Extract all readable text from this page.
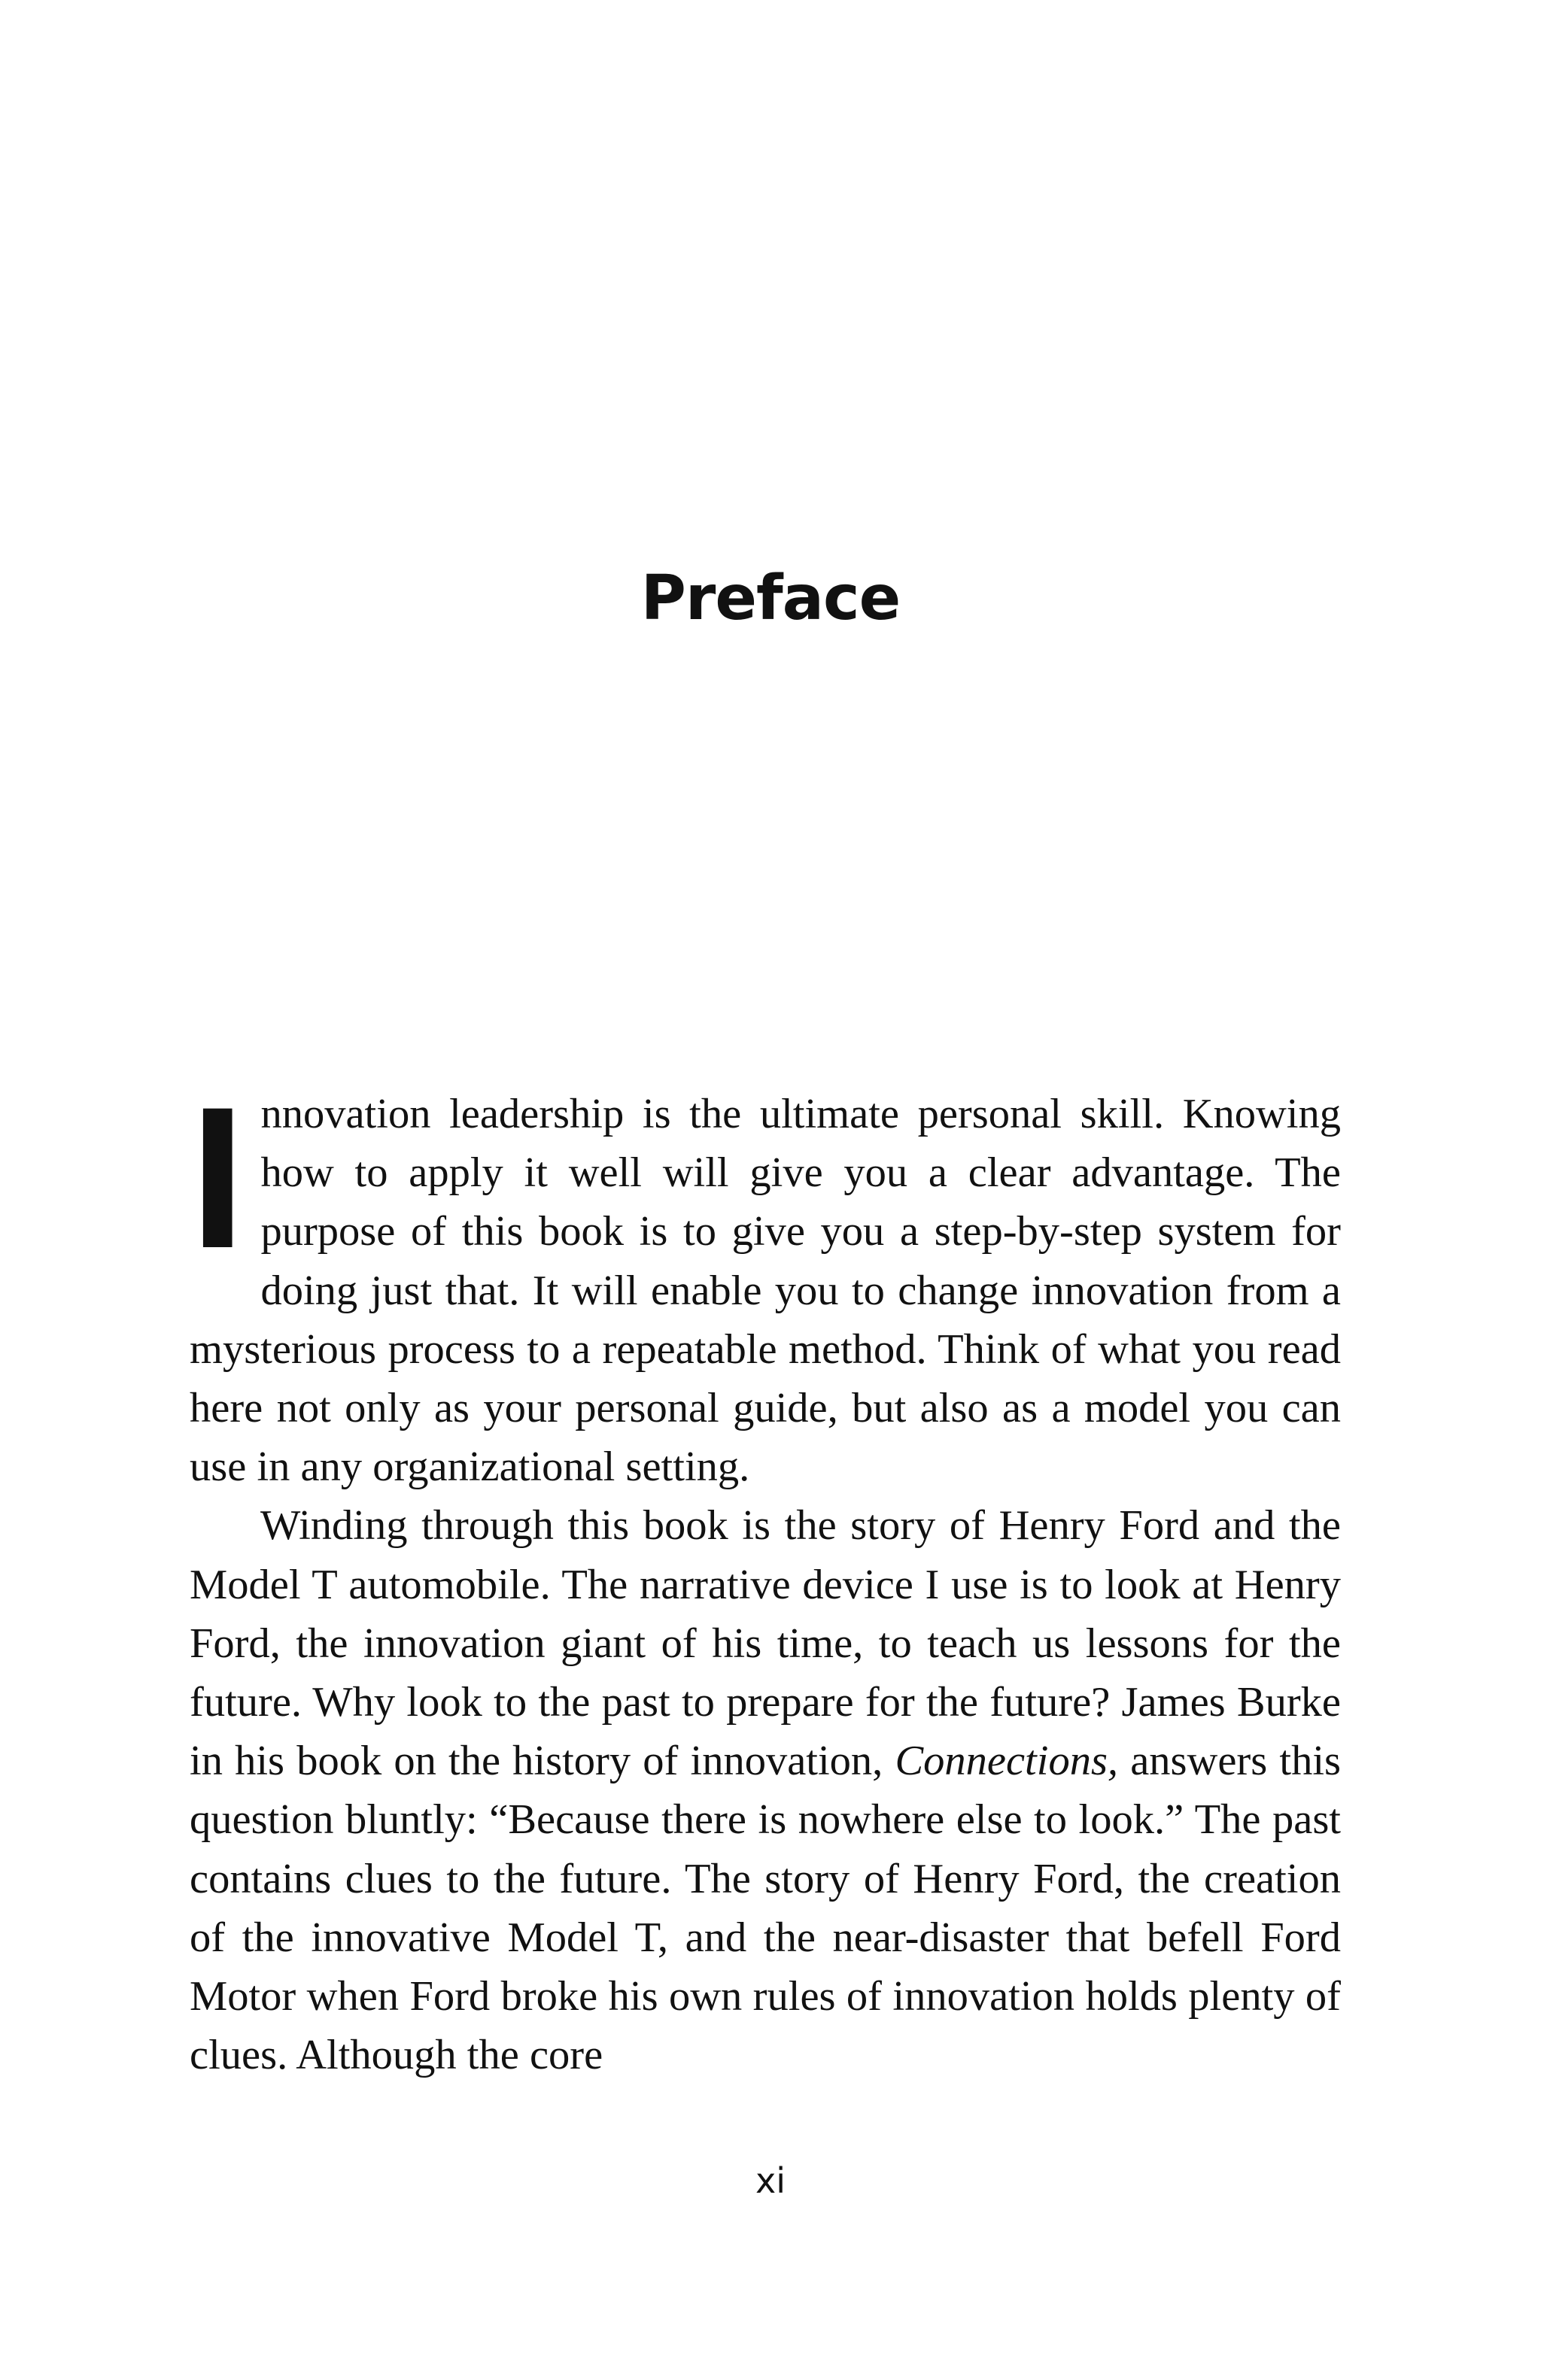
Preface

Innovation leadership is the ultimate personal skill. Knowing how to apply it well will give you a clear advantage. The purpose of this book is to give you a step-by-step system for doing just that. It will enable you to change innovation from a mysterious process to a repeatable method. Think of what you read here not only as your personal guide, but also as a model you can use in any organizational setting.

Winding through this book is the story of Henry Ford and the Model T automobile. The narrative device I use is to look at Henry Ford, the innovation giant of his time, to teach us lessons for the future. Why look to the past to prepare for the future? James Burke in his book on the history of innovation, Connections, answers this question bluntly: “Because there is nowhere else to look.” The past contains clues to the future. The story of Henry Ford, the creation of the innovative Model T, and the near-disaster that befell Ford Motor when Ford broke his own rules of innovation holds plenty of clues. Although the core

xi
